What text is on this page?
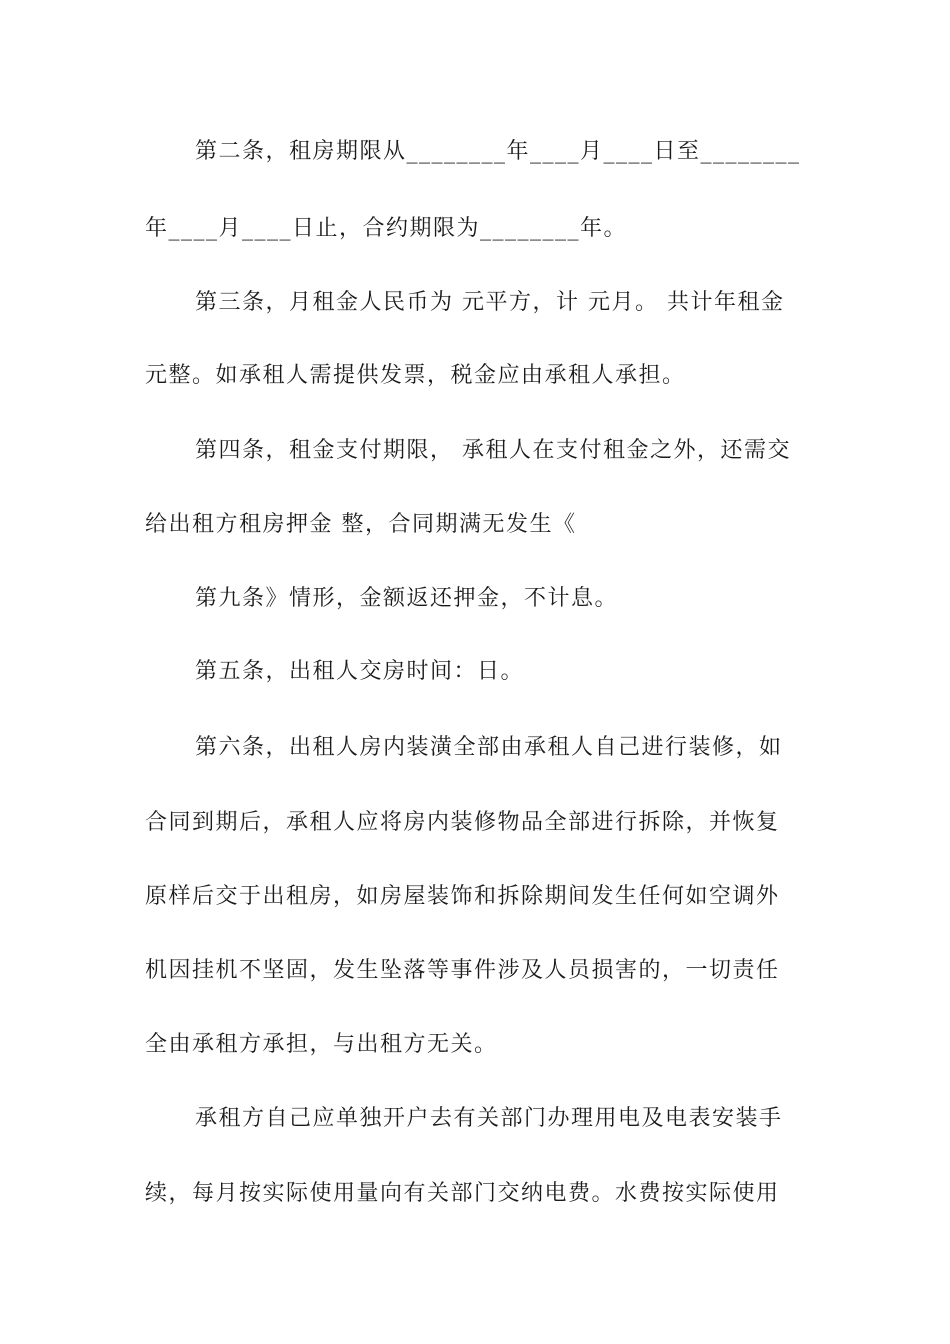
第二条，租房期限从________年____月____日至________
年____月____日止，合约期限为________年。
第三条，月租金人民币为 元平方，计 元月。 共计年租金
元整。如承租人需提供发票，税金应由承租人承担。
第四条，租金支付期限， 承租人在支付租金之外，还需交
给出租方租房押金 整，合同期满无发生《
第九条》情形，金额返还押金，不计息。
第五条，出租人交房时间：日。
第六条，出租人房内装潢全部由承租人自己进行装修，如
合同到期后，承租人应将房内装修物品全部进行拆除，并恢复
原样后交于出租房，如房屋装饰和拆除期间发生任何如空调外
机因挂机不坚固，发生坠落等事件涉及人员损害的，一切责任
全由承租方承担，与出租方无关。
承租方自己应单独开户去有关部门办理用电及电表安装手
续，每月按实际使用量向有关部门交纳电费。水费按实际使用
